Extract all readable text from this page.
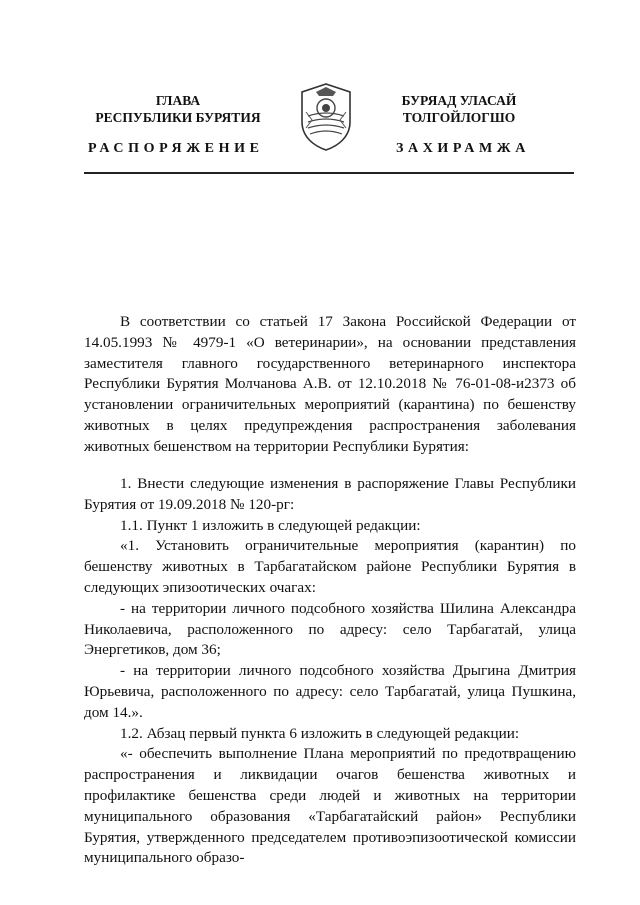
ГЛАВА
РЕСПУБЛИКИ БУРЯТИЯ
БУРЯАД УЛАСАЙ
ТОЛГОЙЛОГШО
РАСПОРЯЖЕНИЕ	ЗАХИРАМЖА

В соответствии со статьей 17 Закона Российской Федерации от 14.05.1993 № 4979-1 «О ветеринарии», на основании представления заместителя главного государственного ветеринарного инспектора Республики Бурятия Молчанова А.В. от 12.10.2018 № 76-01-08-и2373 об установлении ограничительных мероприятий (карантина) по бешенству животных в целях предупреждения распространения заболевания животных бешенством на территории Республики Бурятия:

1. Внести следующие изменения в распоряжение Главы Республики Бурятия от 19.09.2018 № 120-рг:

1.1. Пункт 1 изложить в следующей редакции:

«1. Установить ограничительные мероприятия (карантин) по бешенству животных в Тарбагатайском районе Республики Бурятия в следующих эпизоотических очагах:

- на территории личного подсобного хозяйства Шилина Александра Николаевича, расположенного по адресу: село Тарбагатай, улица Энергетиков, дом 36;

- на территории личного подсобного хозяйства Дрыгина Дмитрия Юрьевича, расположенного по адресу: село Тарбагатай, улица Пушкина, дом 14.».

1.2. Абзац первый пункта 6 изложить в следующей редакции:

«- обеспечить выполнение Плана мероприятий по предотвращению распространения и ликвидации очагов бешенства животных и профилактике бешенства среди людей и животных на территории муниципального образования «Тарбагатайский район» Республики Бурятия, утвержденного председателем противоэпизоотической комиссии муниципального образо-
